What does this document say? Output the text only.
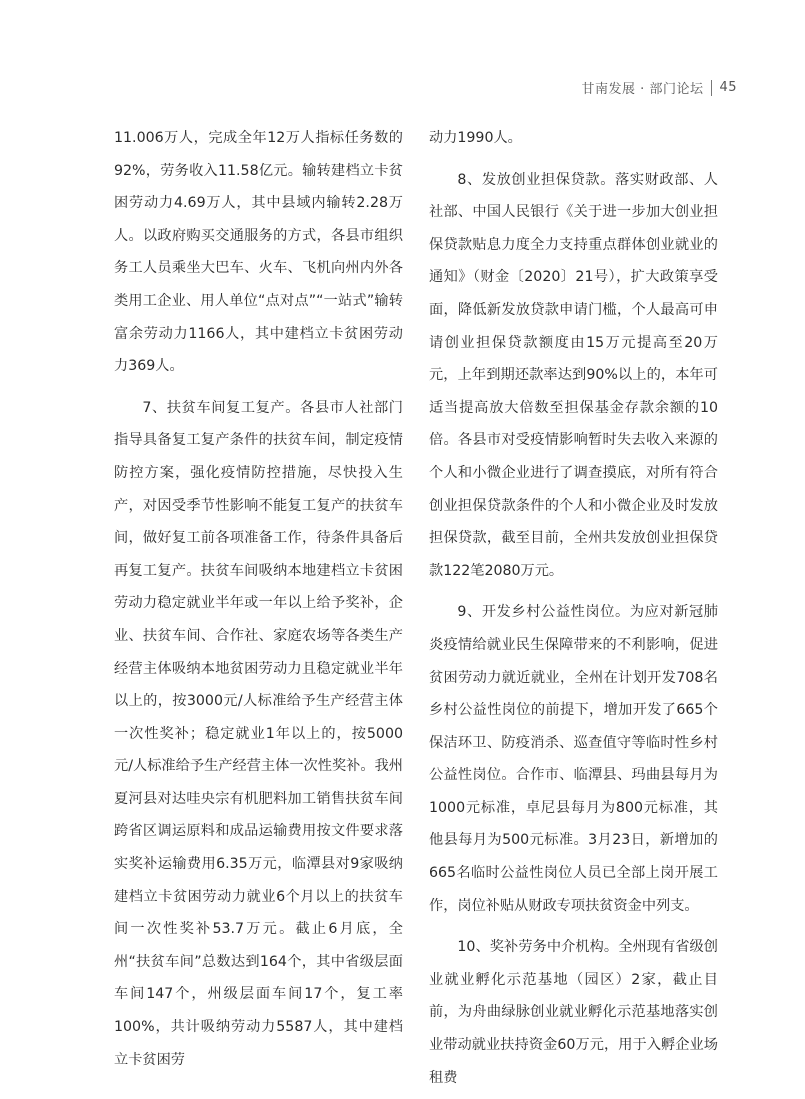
甘南发展 · 部门论坛 45

11.006万人，完成全年12万人指标任务数的92%，劳务收入11.58亿元。输转建档立卡贫困劳动力4.69万人，其中县域内输转2.28万人。以政府购买交通服务的方式，各县市组织务工人员乘坐大巴车、火车、飞机向州内外各类用工企业、用人单位“点对点”“一站式”输转富余劳动力1166人，其中建档立卡贫困劳动力369人。

7、扶贫车间复工复产。各县市人社部门指导具备复工复产条件的扶贫车间，制定疫情防控方案，强化疫情防控措施，尽快投入生产，对因受季节性影响不能复工复产的扶贫车间，做好复工前各项准备工作，待条件具备后再复工复产。扶贫车间吸纳本地建档立卡贫困劳动力稳定就业半年或一年以上给予奖补，企业、扶贫车间、合作社、家庭农场等各类生产经营主体吸纳本地贫困劳动力且稳定就业半年以上的，按3000元/人标准给予生产经营主体一次性奖补；稳定就业1年以上的，按5000元/人标准给予生产经营主体一次性奖补。我州夏河县对达哇央宗有机肥料加工销售扶贫车间跨省区调运原料和成品运输费用按文件要求落实奖补运输费用6.35万元，临潭县对9家吸纳建档立卡贫困劳动力就业6个月以上的扶贫车间一次性奖补53.7万元。截止6月底，全州“扶贫车间”总数达到164个，其中省级层面车间147个，州级层面车间17个，复工率100%，共计吸纳劳动力5587人，其中建档立卡贫困劳

动力1990人。

8、发放创业担保贷款。落实财政部、人社部、中国人民银行《关于进一步加大创业担保贷款贴息力度全力支持重点群体创业就业的通知》（财金〔2020〕21号），扩大政策享受面，降低新发放贷款申请门槛，个人最高可申请创业担保贷款额度由15万元提高至20万元，上年到期还款率达到90%以上的，本年可适当提高放大倍数至担保基金存款余额的10倍。各县市对受疫情影响暂时失去收入来源的个人和小微企业进行了调查摸底，对所有符合创业担保贷款条件的个人和小微企业及时发放担保贷款，截至目前，全州共发放创业担保贷款122笔2080万元。

9、开发乡村公益性岗位。为应对新冠肺炎疫情给就业民生保障带来的不利影响，促进贫困劳动力就近就业，全州在计划开发708名乡村公益性岗位的前提下，增加开发了665个保洁环卫、防疫消杀、巡查值守等临时性乡村公益性岗位。合作市、临潭县、玛曲县每月为1000元标准，卓尼县每月为800元标准，其他县每月为500元标准。3月23日，新增加的665名临时公益性岗位人员已全部上岗开展工作，岗位补贴从财政专项扶贫资金中列支。

10、奖补劳务中介机构。全州现有省级创业就业孵化示范基地（园区）2家，截止目前，为舟曲绿脉创业就业孵化示范基地落实创业带动就业扶持资金60万元，用于入孵企业场租费
